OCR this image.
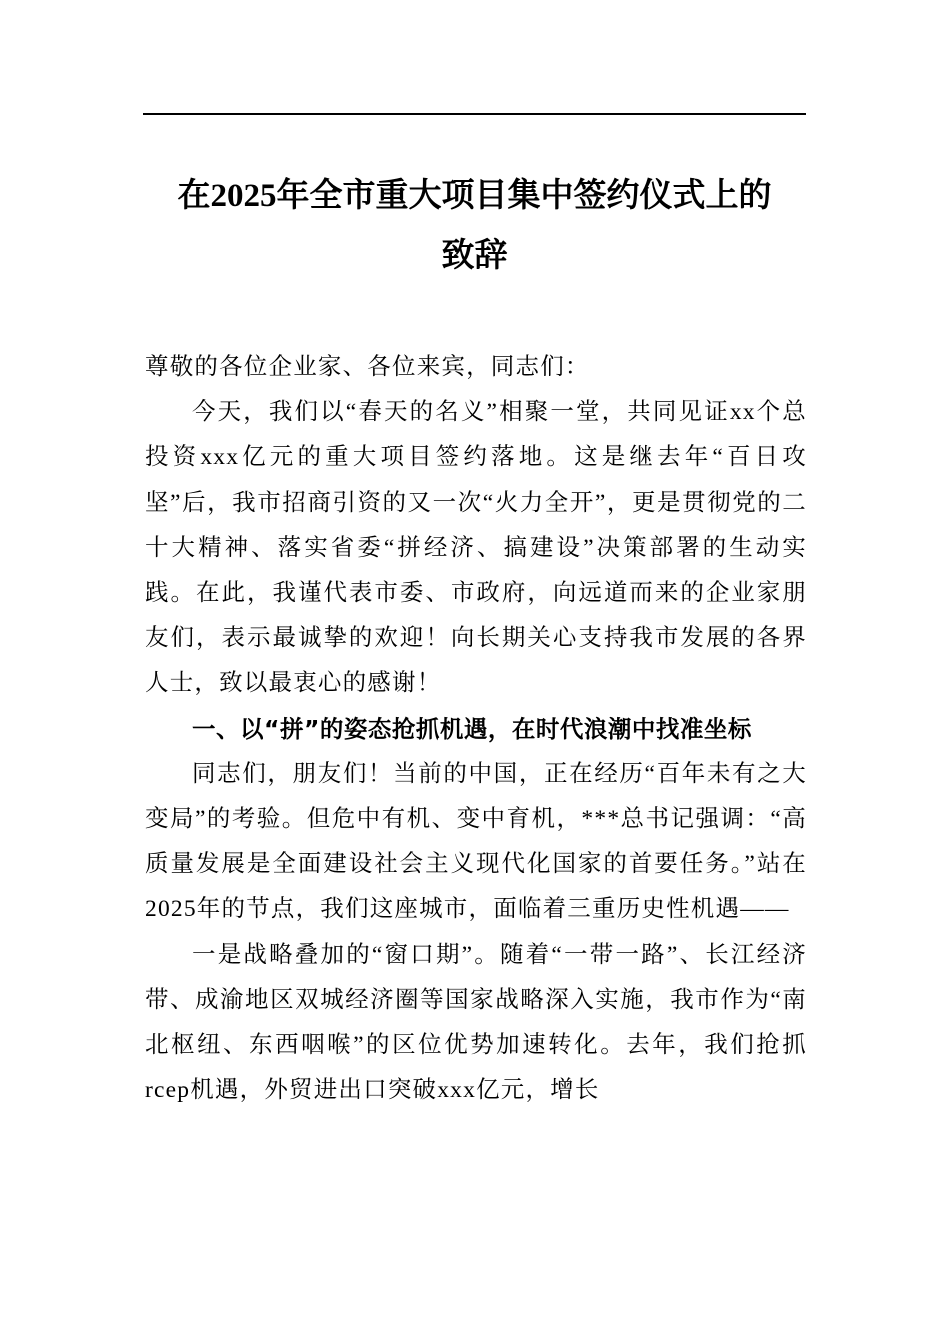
在2025年全市重大项目集中签约仪式上的
致辞

尊敬的各位企业家、各位来宾，同志们：

今天，我们以“春天的名义”相聚一堂，共同见证xx个总投资xxx亿元的重大项目签约落地。这是继去年“百日攻坚”后，我市招商引资的又一次“火力全开”，更是贯彻党的二十大精神、落实省委“拼经济、搞建设”决策部署的生动实践。在此，我谨代表市委、市政府，向远道而来的企业家朋友们，表示最诚挚的欢迎！向长期关心支持我市发展的各界人士，致以最衷心的感谢！

一、以“拼”的姿态抢抓机遇，在时代浪潮中找准坐标

同志们，朋友们！当前的中国，正在经历“百年未有之大变局”的考验。但危中有机、变中育机，***总书记强调：“高质量发展是全面建设社会主义现代化国家的首要任务。”站在2025年的节点，我们这座城市，面临着三重历史性机遇——

一是战略叠加的“窗口期”。随着“一带一路”、长江经济带、成渝地区双城经济圈等国家战略深入实施，我市作为“南北枢纽、东西咽喉”的区位优势加速转化。去年，我们抢抓rcep机遇，外贸进出口突破xxx亿元，增长
